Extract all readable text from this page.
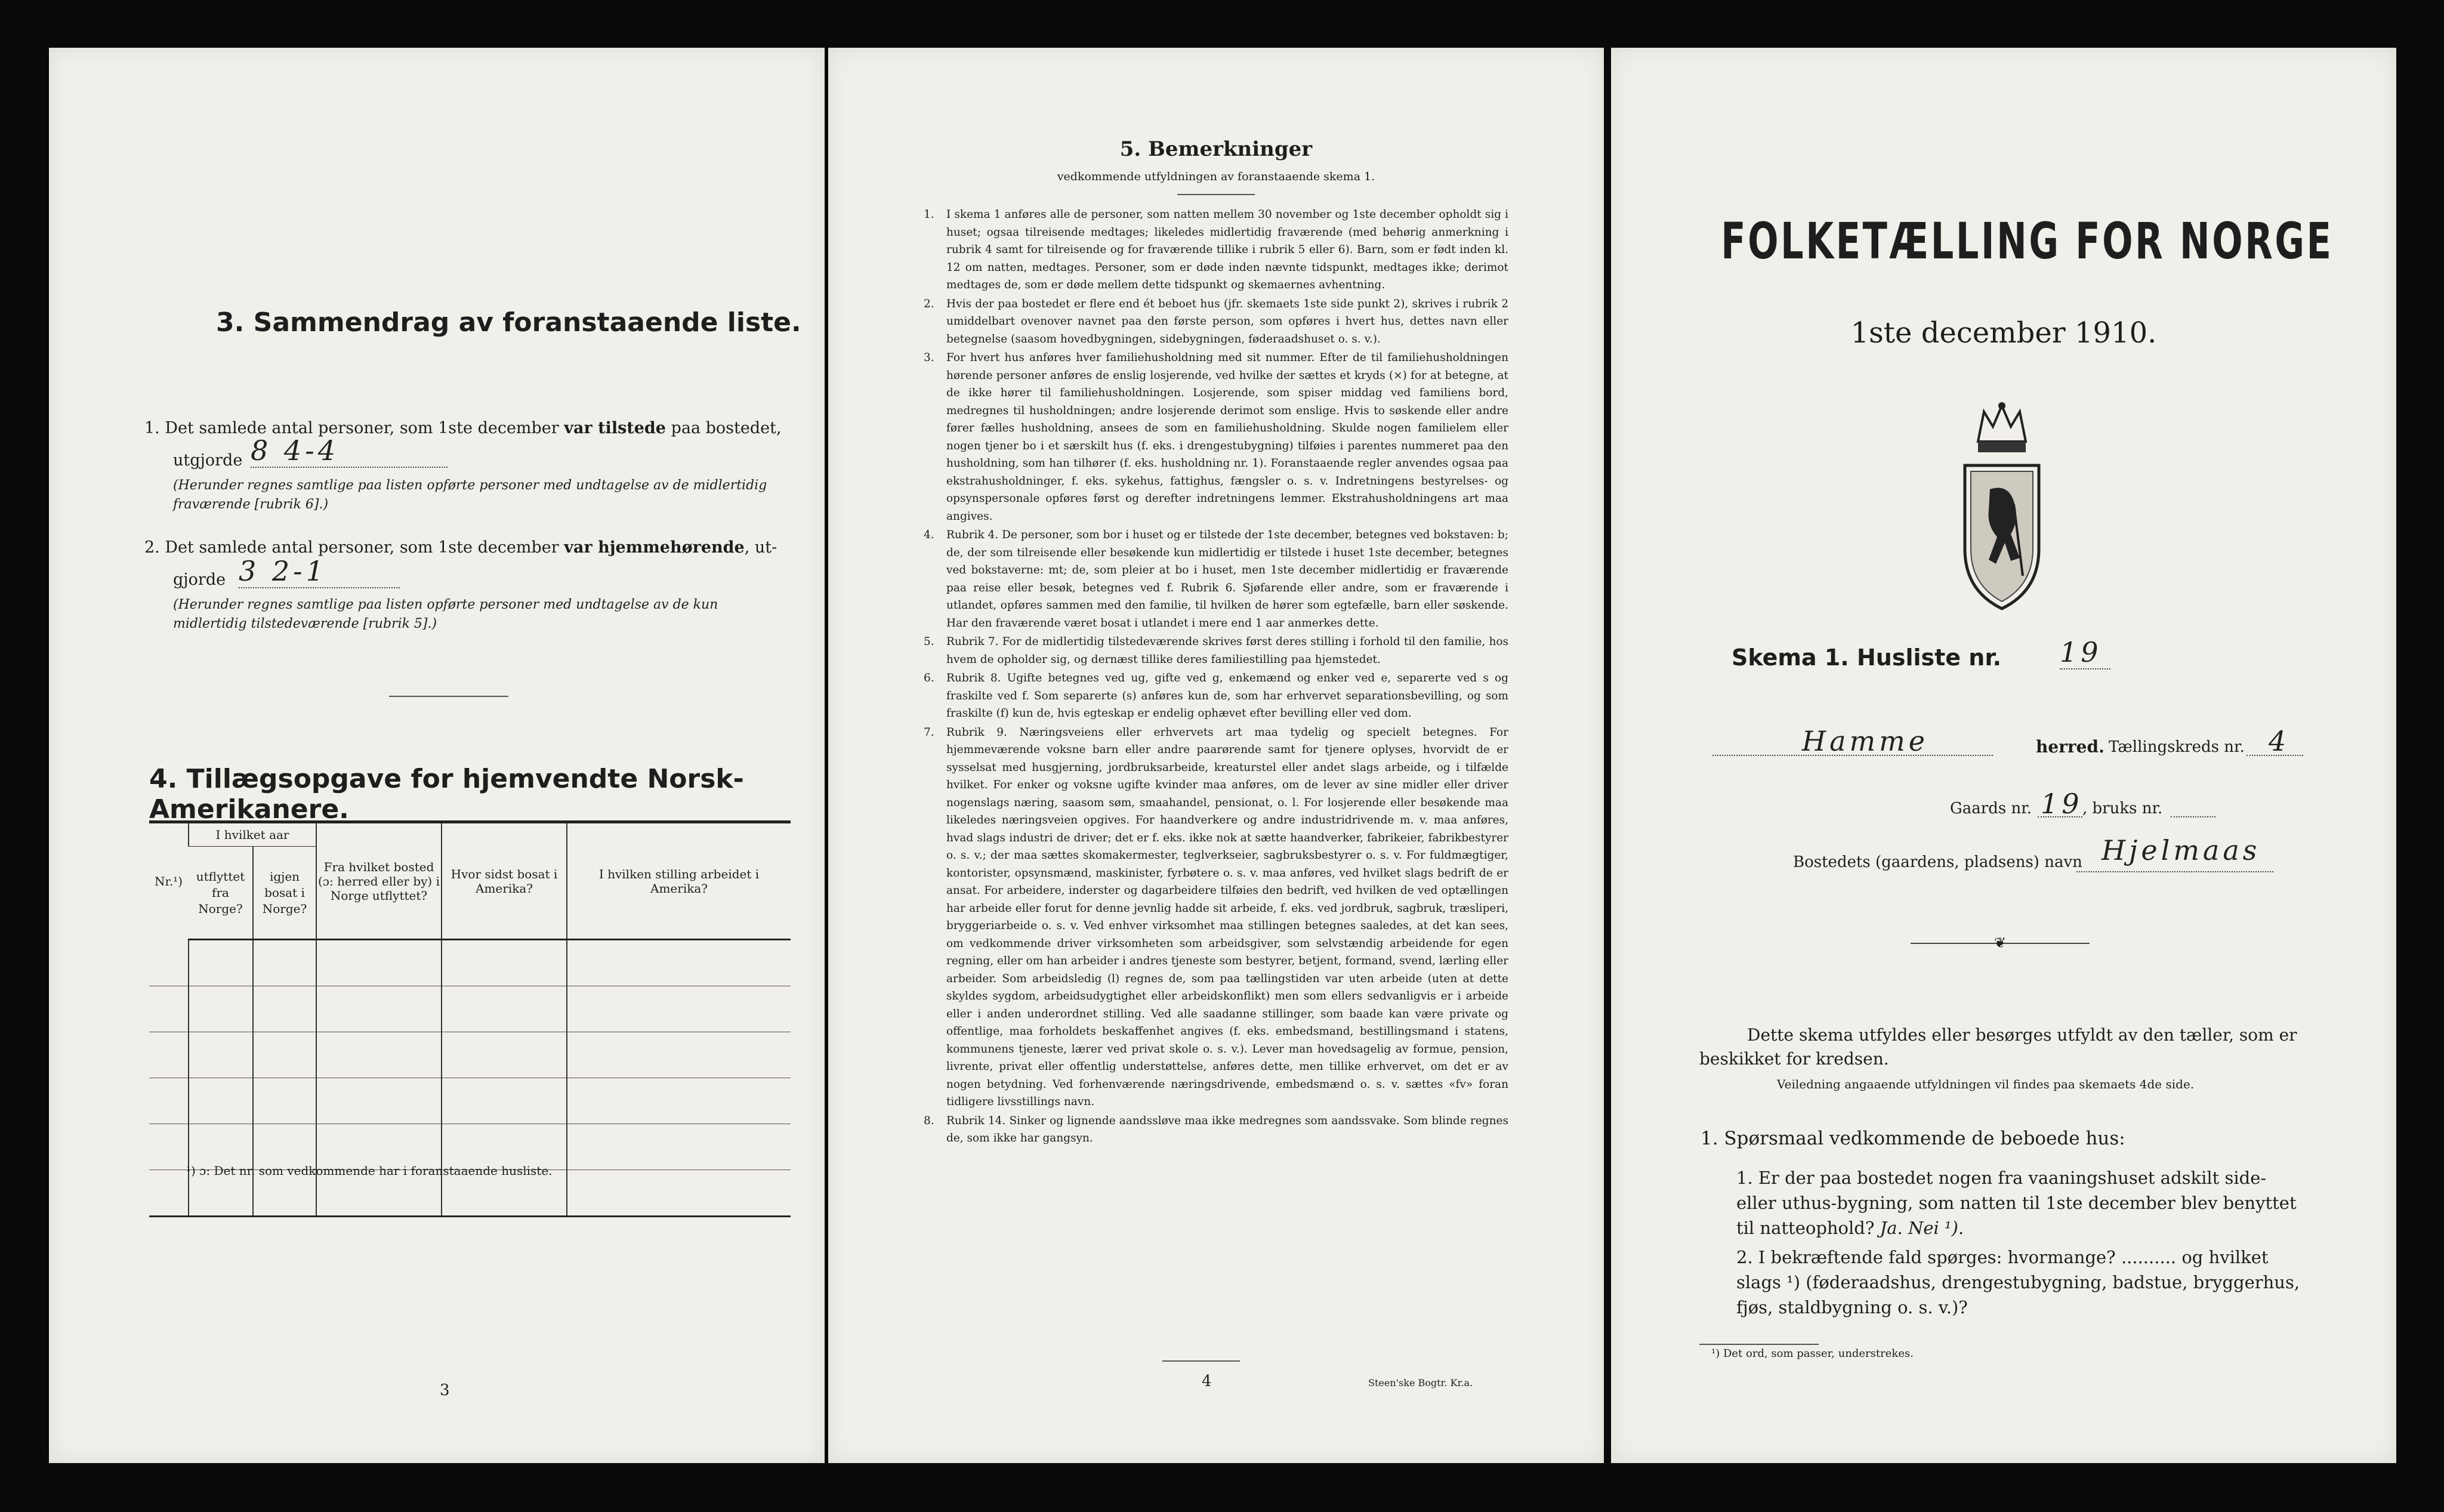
3. Sammendrag av foranstaaende liste.
1. Det samlede antal personer, som 1ste december var tilstede paa bostedet,
utgjorde 8 4-4
(Herunder regnes samtlige paa listen opførte personer med undtagelse av de midlertidig fraværende [rubrik 6].)
2. Det samlede antal personer, som 1ste december var hjemmehørende, ut-
gjorde 3 2-1
(Herunder regnes samtlige paa listen opførte personer med undtagelse av de kun midlertidig tilstedeværende [rubrik 5].)
4. Tillægsopgave for hjemvendte Norsk-Amerikanere.
Nr.¹)	I hvilket aar		Fra hvilket bosted (ɔ: herred eller by) i Norge utflyttet?	Hvor sidst bosat i Amerika?	I hvilken stilling arbeidet i Amerika?
	utflyttet fra Norge?	igjen bosat i Norge?			

¹) ɔ: Det nr. som vedkommende har i foranstaaende husliste.
3
5. Bemerkninger
vedkommende utfyldningen av foranstaaende skema 1.
1. I skema 1 anføres alle de personer, som natten mellem 30 november og 1ste december opholdt sig i huset; ogsaa tilreisende medtages; likeledes midlertidig fraværende (med behørig anmerkning i rubrik 4 samt for tilreisende og for fraværende tillike i rubrik 5 eller 6). Barn, som er født inden kl. 12 om natten, medtages. Personer, som er døde inden nævnte tidspunkt, medtages ikke; derimot medtages de, som er døde mellem dette tidspunkt og skemaernes avhentning.
2. Hvis der paa bostedet er flere end ét beboet hus (jfr. skemaets 1ste side punkt 2), skrives i rubrik 2 umiddelbart ovenover navnet paa den første person, som opføres i hvert hus, dettes navn eller betegnelse (saasom hovedbygningen, sidebygningen, føderaadshuset o. s. v.).
3. For hvert hus anføres hver familiehusholdning med sit nummer. Efter de til familiehusholdningen hørende personer anføres de enslig losjerende, ved hvilke der sættes et kryds (×) for at betegne, at de ikke hører til familiehusholdningen. Losjerende, som spiser middag ved familiens bord, medregnes til husholdningen; andre losjerende derimot som enslige. Hvis to søskende eller andre fører fælles husholdning, ansees de som en familiehusholdning. Skulde nogen familielem eller nogen tjener bo i et særskilt hus (f. eks. i drengestubygning) tilføies i parentes nummeret paa den husholdning, som han tilhører (f. eks. husholdning nr. 1). Foranstaaende regler anvendes ogsaa paa ekstrahusholdninger, f. eks. sykehus, fattighus, fængsler o. s. v. Indretningens bestyrelses- og opsynspersonale opføres først og derefter indretningens lemmer. Ekstrahusholdningens art maa angives.
4. Rubrik 4. De personer, som bor i huset og er tilstede der 1ste december, betegnes ved bokstaven: b; de, der som tilreisende eller besøkende kun midlertidig er tilstede i huset 1ste december, betegnes ved bokstaverne: mt; de, som pleier at bo i huset, men 1ste december midlertidig er fraværende paa reise eller besøk, betegnes ved f. Rubrik 6. Sjøfarende eller andre, som er fraværende i utlandet, opføres sammen med den familie, til hvilken de hører som egtefælle, barn eller søskende. Har den fraværende været bosat i utlandet i mere end 1 aar anmerkes dette.
5. Rubrik 7. For de midlertidig tilstedeværende skrives først deres stilling i forhold til den familie, hos hvem de opholder sig, og dernæst tillike deres familiestilling paa hjemstedet.
6. Rubrik 8. Ugifte betegnes ved ug, gifte ved g, enkemænd og enker ved e, separerte ved s og fraskilte ved f. Som separerte (s) anføres kun de, som har erhvervet separationsbevilling, og som fraskilte (f) kun de, hvis egteskap er endelig ophævet efter bevilling eller ved dom.
7. Rubrik 9. Næringsveiens eller erhvervets art maa tydelig og specielt betegnes. For hjemmeværende voksne barn eller andre paarørende samt for tjenere oplyses, hvorvidt de er sysselsat med husgjerning, jordbruksarbeide, kreaturstel eller andet slags arbeide, og i tilfælde hvilket. For enker og voksne ugifte kvinder maa anføres, om de lever av sine midler eller driver nogenslags næring, saasom søm, smaahandel, pensionat, o. l. For losjerende eller besøkende maa likeledes næringsveien opgives. For haandverkere og andre industridrivende m. v. maa anføres, hvad slags industri de driver; det er f. eks. ikke nok at sætte haandverker, fabrikeier, fabrikbestyrer o. s. v.; der maa sættes skomakermester, teglverkseier, sagbruksbestyrer o. s. v. For fuldmægtiger, kontorister, opsynsmænd, maskinister, fyrbøtere o. s. v. maa anføres, ved hvilket slags bedrift de er ansat. For arbeidere, inderster og dagarbeidere tilføies den bedrift, ved hvilken de ved optællingen har arbeide eller forut for denne jevnlig hadde sit arbeide, f. eks. ved jordbruk, sagbruk, træsliperi, bryggeriarbeide o. s. v. Ved enhver virksomhet maa stillingen betegnes saaledes, at det kan sees, om vedkommende driver virksomheten som arbeidsgiver, som selvstændig arbeidende for egen regning, eller om han arbeider i andres tjeneste som bestyrer, betjent, formand, svend, lærling eller arbeider. Som arbeidsledig (l) regnes de, som paa tællingstiden var uten arbeide (uten at dette skyldes sygdom, arbeidsudygtighet eller arbeidskonflikt) men som ellers sedvanligvis er i arbeide eller i anden underordnet stilling. Ved alle saadanne stillinger, som baade kan være private og offentlige, maa forholdets beskaffenhet angives (f. eks. embedsmand, bestillingsmand i statens, kommunens tjeneste, lærer ved privat skole o. s. v.). Lever man hovedsagelig av formue, pension, livrente, privat eller offentlig understøttelse, anføres dette, men tillike erhvervet, om det er av nogen betydning. Ved forhenværende næringsdrivende, embedsmænd o. s. v. sættes «fv» foran tidligere livsstillings navn.
8. Rubrik 14. Sinker og lignende aandssløve maa ikke medregnes som aandssvake. Som blinde regnes de, som ikke har gangsyn.
4	Steen'ske Bogtr. Kr.a.
FOLKETÆLLING FOR NORGE
1ste december 1910.
Skema 1. Husliste nr. 19
Hamme	herred. Tællingskreds nr. 4
Gaards nr. 19 , bruks nr.
Bostedets (gaardens, pladsens) navn Hjelmaas
❦
Dette skema utfyldes eller besørges utfyldt av den tæller, som er beskikket for kredsen.
Veiledning angaaende utfyldningen vil findes paa skemaets 4de side.
1. Spørsmaal vedkommende de beboede hus:
1. Er der paa bostedet nogen fra vaaningshuset adskilt side- eller uthus-bygning, som natten til 1ste december blev benyttet til natteophold? Ja. Nei ¹).
2. I bekræftende fald spørges: hvormange? .......... og hvilket slags ¹) (føderaadshus, drengestubygning, badstue, bryggerhus, fjøs, staldbygning o. s. v.)?
¹) Det ord, som passer, understrekes.
